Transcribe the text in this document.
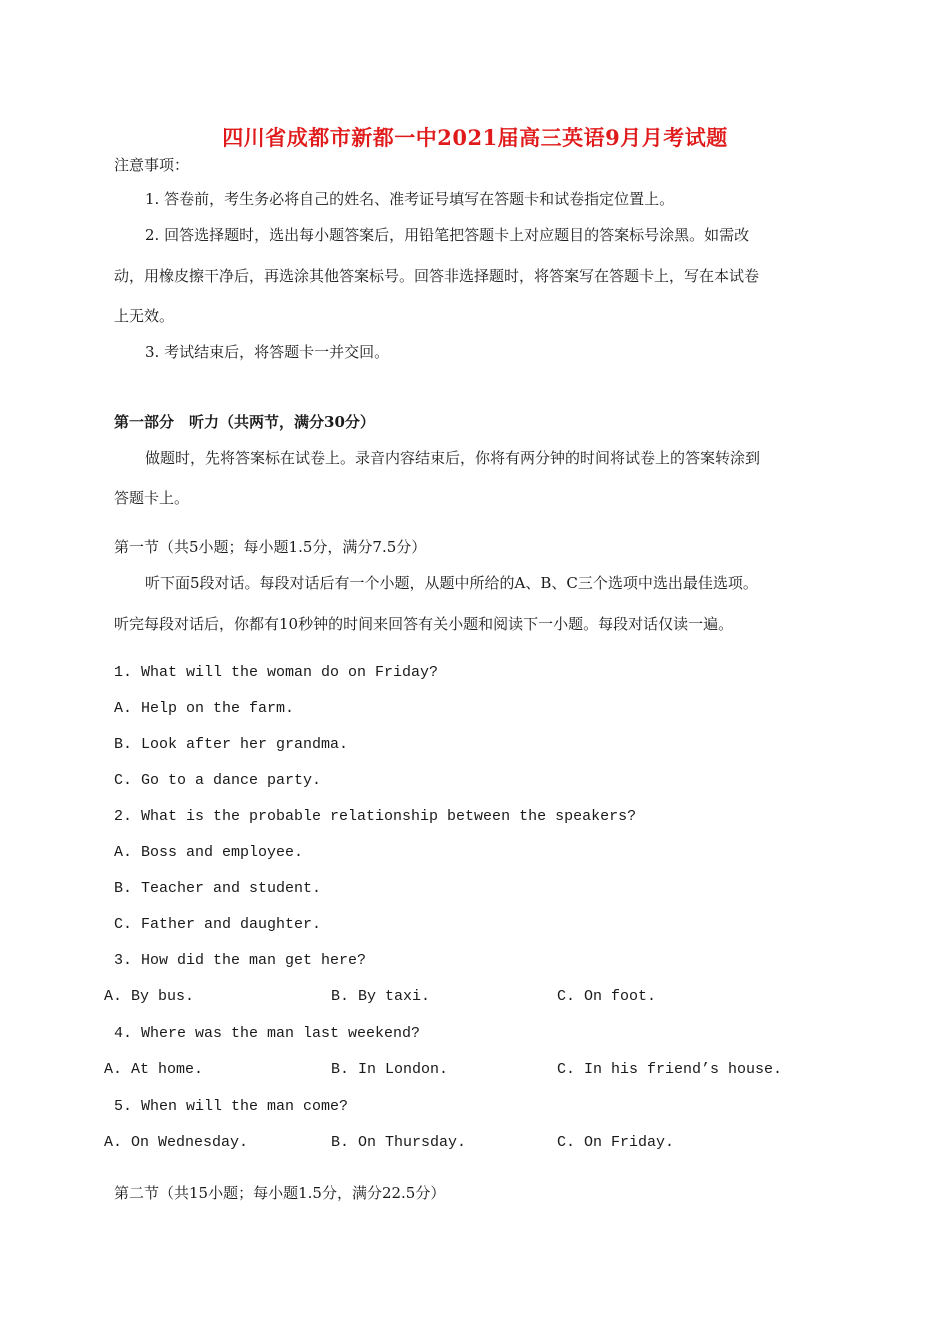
四川省成都市新都一中2021届高三英语9月月考试题
注意事项：
1. 答卷前，考生务必将自己的姓名、准考证号填写在答题卡和试卷指定位置上。
2. 回答选择题时，选出每小题答案后，用铅笔把答题卡上对应题目的答案标号涂黑。如需改
动，用橡皮擦干净后，再选涂其他答案标号。回答非选择题时，将答案写在答题卡上，写在本试卷
上无效。
3. 考试结束后，将答题卡一并交回。
第一部分　听力（共两节，满分30分）
做题时，先将答案标在试卷上。录音内容结束后，你将有两分钟的时间将试卷上的答案转涂到
答题卡上。
第一节（共5小题；每小题1.5分，满分7.5分）
听下面5段对话。每段对话后有一个小题，从题中所给的A、B、C三个选项中选出最佳选项。
听完每段对话后，你都有10秒钟的时间来回答有关小题和阅读下一小题。每段对话仅读一遍。
1. What will the woman do on Friday?
A. Help on the farm.
B. Look after her grandma.
C. Go to a dance party.
2. What is the probable relationship between the speakers?
A. Boss and employee.
B. Teacher and student.
C. Father and daughter.
3. How did the man get here?
A. By bus.	B. By taxi.	C. On foot.
4. Where was the man last weekend?
A. At home.	B. In London.	C. In his friend’s house.
5. When will the man come?
A. On Wednesday.	B. On Thursday.	C. On Friday.
第二节（共15小题；每小题1.5分，满分22.5分）
